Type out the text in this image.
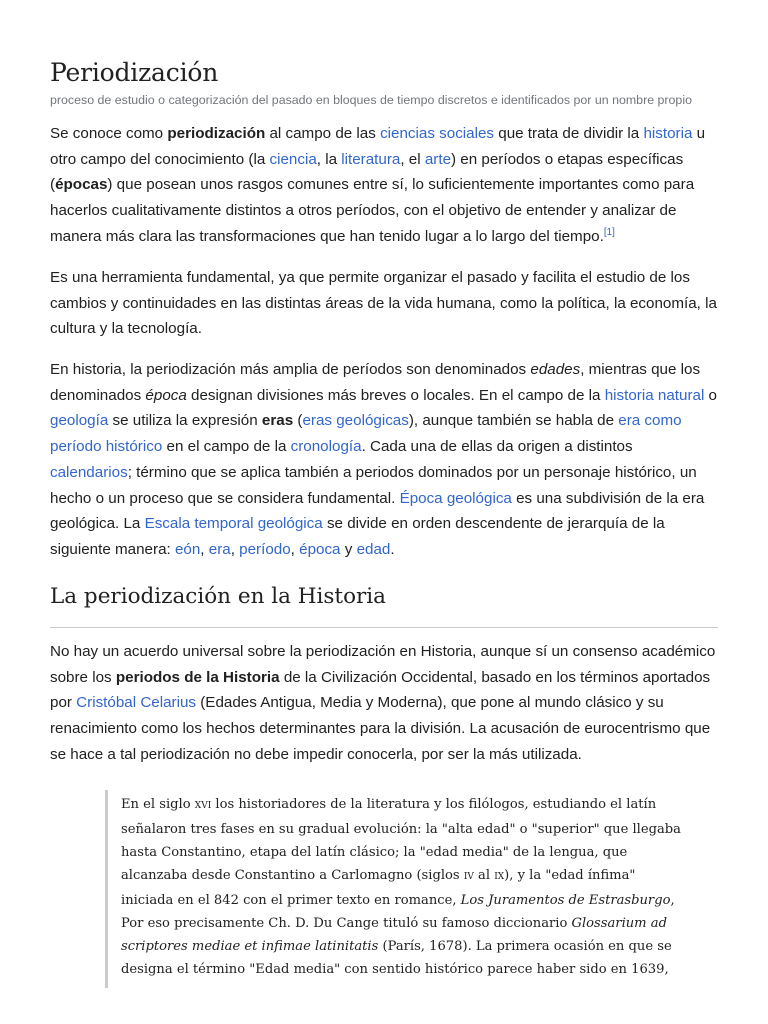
Periodización
proceso de estudio o categorización del pasado en bloques de tiempo discretos e identificados por un nombre propio

Se conoce como periodización al campo de las ciencias sociales que trata de dividir la historia u otro campo del conocimiento (la ciencia, la literatura, el arte) en períodos o etapas específicas (épocas) que posean unos rasgos comunes entre sí, lo suficientemente importantes como para hacerlos cualitativamente distintos a otros períodos, con el objetivo de entender y analizar de manera más clara las transformaciones que han tenido lugar a lo largo del tiempo.[1]

Es una herramienta fundamental, ya que permite organizar el pasado y facilita el estudio de los cambios y continuidades en las distintas áreas de la vida humana, como la política, la economía, la cultura y la tecnología.

En historia, la periodización más amplia de períodos son denominados edades, mientras que los denominados época designan divisiones más breves o locales. En el campo de la historia natural o geología se utiliza la expresión eras (eras geológicas), aunque también se habla de era como período histórico en el campo de la cronología. Cada una de ellas da origen a distintos calendarios; término que se aplica también a periodos dominados por un personaje histórico, un hecho o un proceso que se considera fundamental. Época geológica es una subdivisión de la era geológica. La Escala temporal geológica se divide en orden descendente de jerarquía de la siguiente manera: eón, era, período, época y edad.

La periodización en la Historia

No hay un acuerdo universal sobre la periodización en Historia, aunque sí un consenso académico sobre los periodos de la Historia de la Civilización Occidental, basado en los términos aportados por Cristóbal Celarius (Edades Antigua, Media y Moderna), que pone al mundo clásico y su renacimiento como los hechos determinantes para la división. La acusación de eurocentrismo que se hace a tal periodización no debe impedir conocerla, por ser la más utilizada.

En el siglo XVI los historiadores de la literatura y los filólogos, estudiando el latín señalaron tres fases en su gradual evolución: la "alta edad" o "superior" que llegaba hasta Constantino, etapa del latín clásico; la "edad media" de la lengua, que alcanzaba desde Constantino a Carlomagno (siglos IV al IX), y la "edad ínfima" iniciada en el 842 con el primer texto en romance, Los Juramentos de Estrasburgo, Por eso precisamente Ch. D. Du Cange tituló su famoso diccionario Glossarium ad scriptores mediae et infimae latinitatis (París, 1678). La primera ocasión en que se designa el término "Edad media" con sentido histórico parece haber sido en 1639,
